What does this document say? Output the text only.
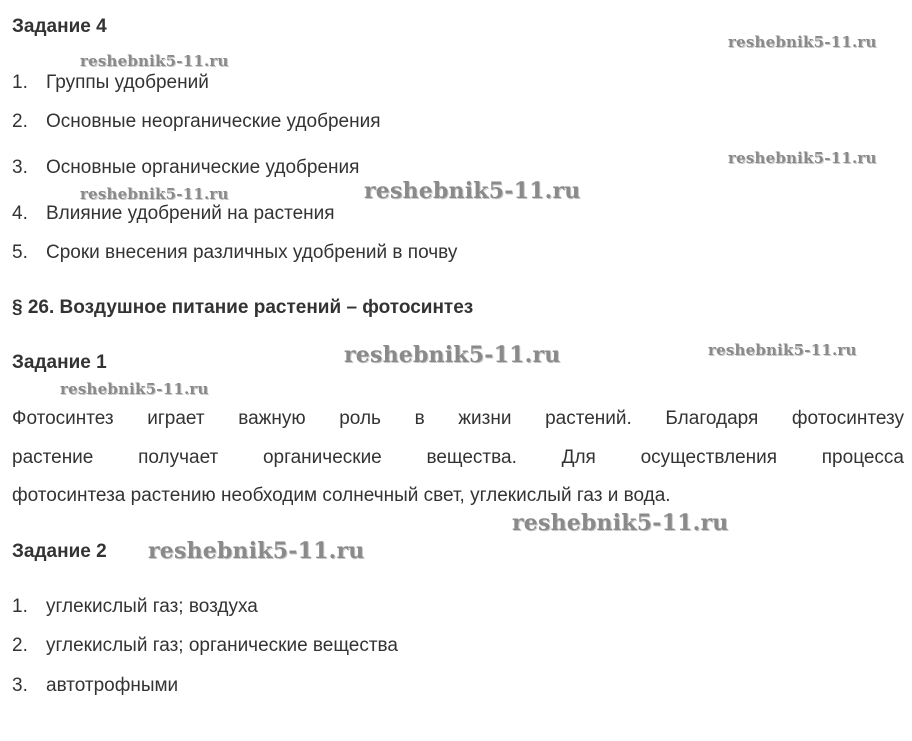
Задание 4
1. Группы удобрений
2. Основные неорганические удобрения
3. Основные органические удобрения
4. Влияние удобрений на растения
5. Сроки внесения различных удобрений в почву
§ 26. Воздушное питание растений – фотосинтез
Задание 1
Фотосинтез играет важную роль в жизни растений. Благодаря фотосинтезу
растение получает органические вещества. Для осуществления процесса
фотосинтеза растению необходим солнечный свет, углекислый газ и вода.
Задание 2
1. углекислый газ; воздуха
2. углекислый газ; органические вещества
3. автотрофными
reshebnik5-11.ru
reshebnik5-11.ru
reshebnik5-11.ru
reshebnik5-11.ru	reshebnik5-11.ru
reshebnik5-11.ru	reshebnik5-11.ru
reshebnik5-11.ru
reshebnik5-11.ru
reshebnik5-11.ru
